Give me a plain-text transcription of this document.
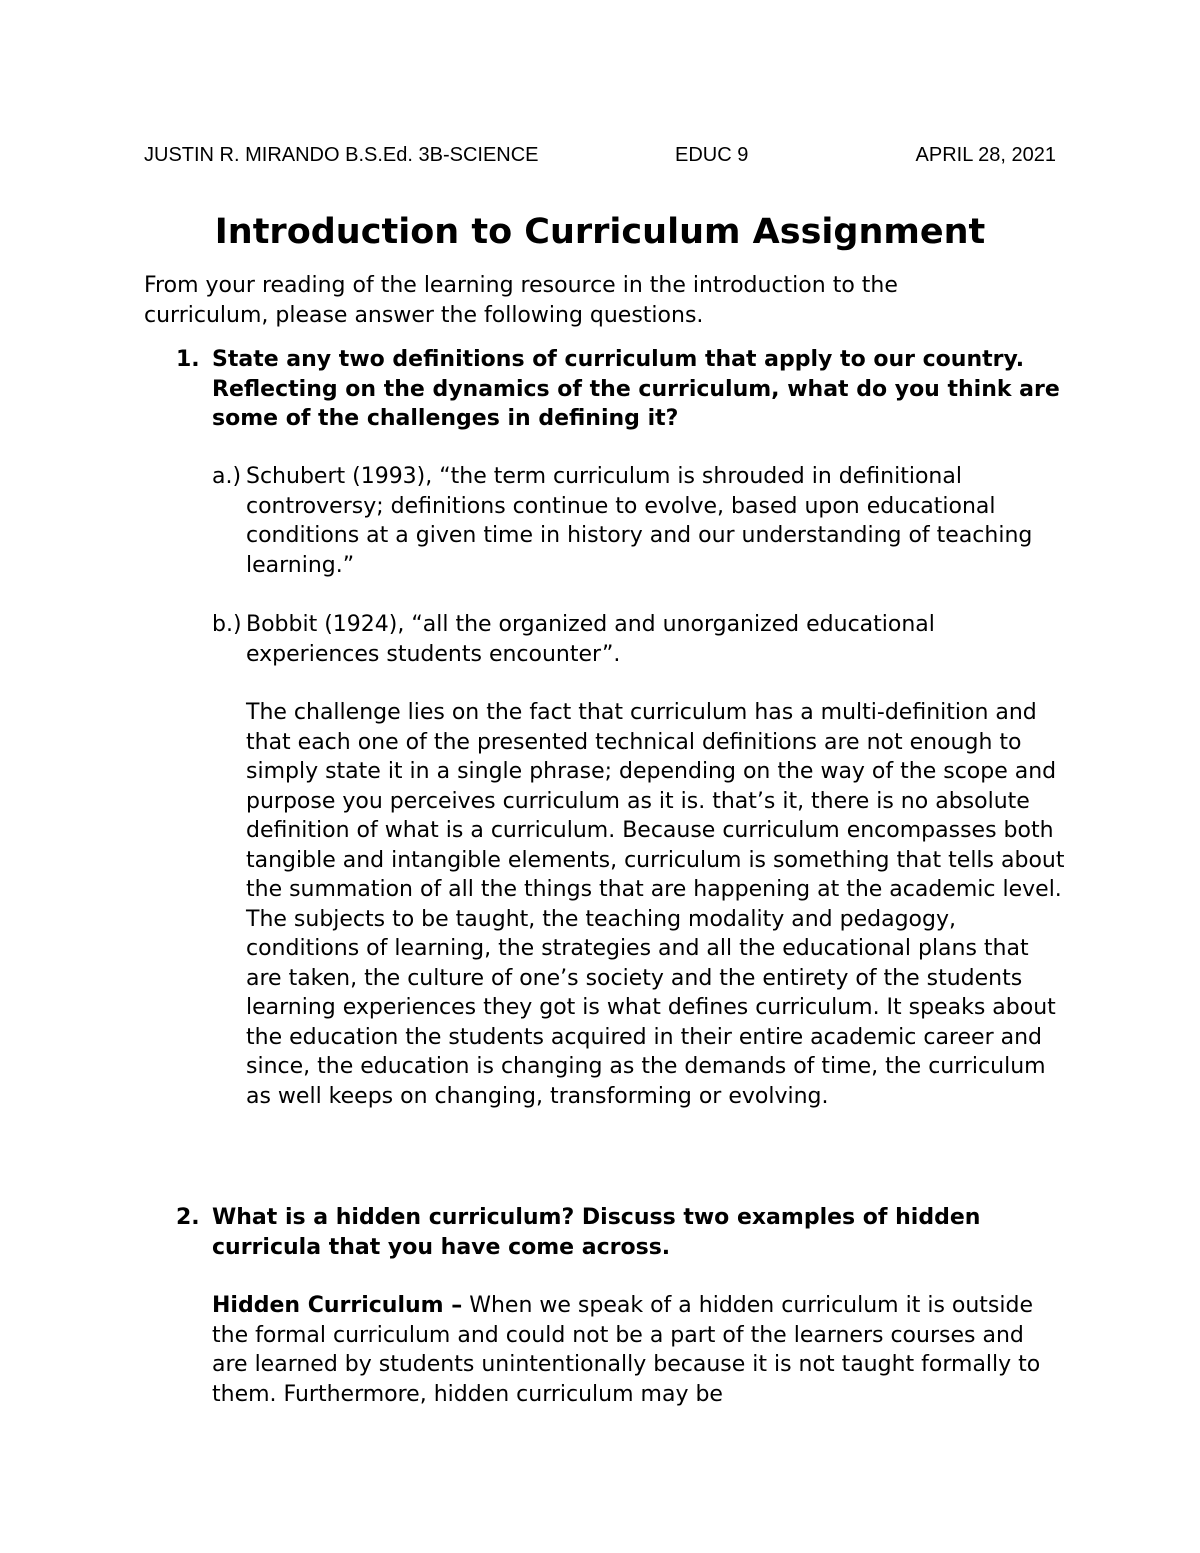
JUSTIN R. MIRANDO B.S.Ed. 3B-SCIENCE	EDUC 9	APRIL 28, 2021
Introduction to Curriculum Assignment
From your reading of the learning resource in the introduction to the curriculum, please answer the following questions.
1. State any two definitions of curriculum that apply to our country. Reflecting on the dynamics of the curriculum, what do you think are some of the challenges in defining it?
a.) Schubert (1993), “the term curriculum is shrouded in definitional controversy; definitions continue to evolve, based upon educational conditions at a given time in history and our understanding of teaching learning.”
b.) Bobbit (1924), “all the organized and unorganized educational experiences students encounter”.
The challenge lies on the fact that curriculum has a multi-definition and that each one of the presented technical definitions are not enough to simply state it in a single phrase; depending on the way of the scope and purpose you perceives curriculum as it is. that’s it, there is no absolute definition of what is a curriculum. Because curriculum encompasses both tangible and intangible elements, curriculum is something that tells about the summation of all the things that are happening at the academic level. The subjects to be taught, the teaching modality and pedagogy, conditions of learning, the strategies and all the educational plans that are taken, the culture of one’s society and the entirety of the students learning experiences they got is what defines curriculum. It speaks about the education the students acquired in their entire academic career and since, the education is changing as the demands of time, the curriculum as well keeps on changing, transforming or evolving.
2. What is a hidden curriculum? Discuss two examples of hidden curricula that you have come across.
Hidden Curriculum – When we speak of a hidden curriculum it is outside the formal curriculum and could not be a part of the learners courses and are learned by students unintentionally because it is not taught formally to them. Furthermore, hidden curriculum may be
